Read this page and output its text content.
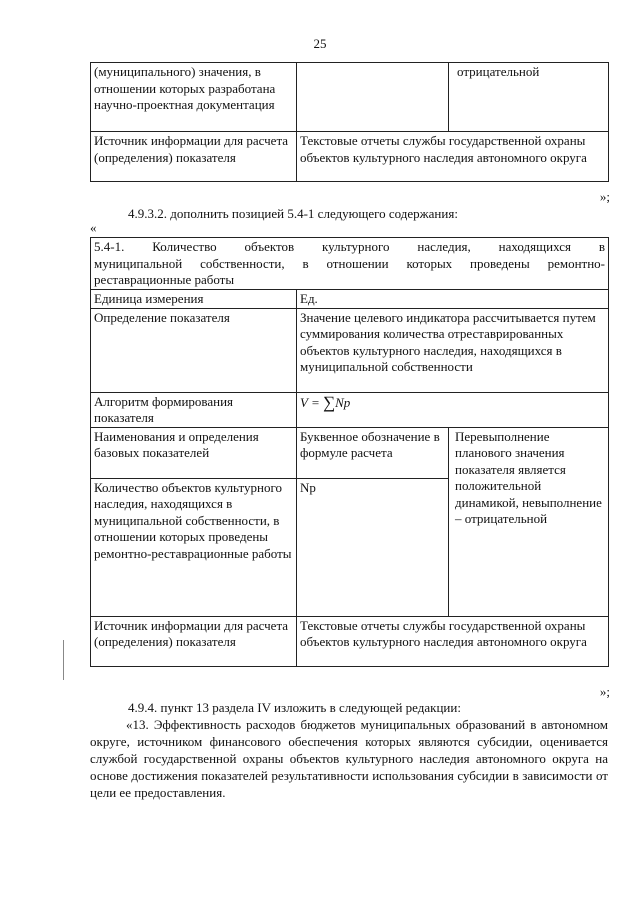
25
(муниципального) значения, в отношении которых разработана научно-проектная документация		отрицательной
Источник информации для расчета (определения) показателя	Текстовые отчеты службы государственной охраны объектов культурного наследия автономного округа	
»;

4.9.3.2. дополнить позицией 5.4-1 следующего содержания:

«
5.4-1. Количество объектов культурного наследия, находящихся в
муниципальной собственности, в отношении которых проведены ремонтно-реставрационные работы		

Единица измерения	Ед.	
Определение показателя	Значение целевого индикатора рассчитывается путем суммирования количества отреставрированных объектов культурного наследия, находящихся в муниципальной собственности	
Алгоритм формирования показателя	V = ∑Np	
Наименования и определения базовых показателей	Буквенное обозначение в формуле расчета	Перевыполнение планового значения показателя является положительной динамикой, невыполнение – отрицательной
Количество объектов культурного наследия, находящихся в муниципальной собственности, в отношении которых проведены ремонтно-реставрационные работы	Np	
Источник информации для расчета (определения) показателя	Текстовые отчеты службы государственной охраны объектов культурного наследия автономного округа	
»;

4.9.4. пункт 13 раздела IV изложить в следующей редакции:

«13. Эффективность расходов бюджетов муниципальных образований в автономном округе, источником финансового обеспечения которых являются субсидии, оценивается службой государственной охраны объектов культурного наследия автономного округа на основе достижения показателей результативности использования субсидии в зависимости от цели ее предоставления.
